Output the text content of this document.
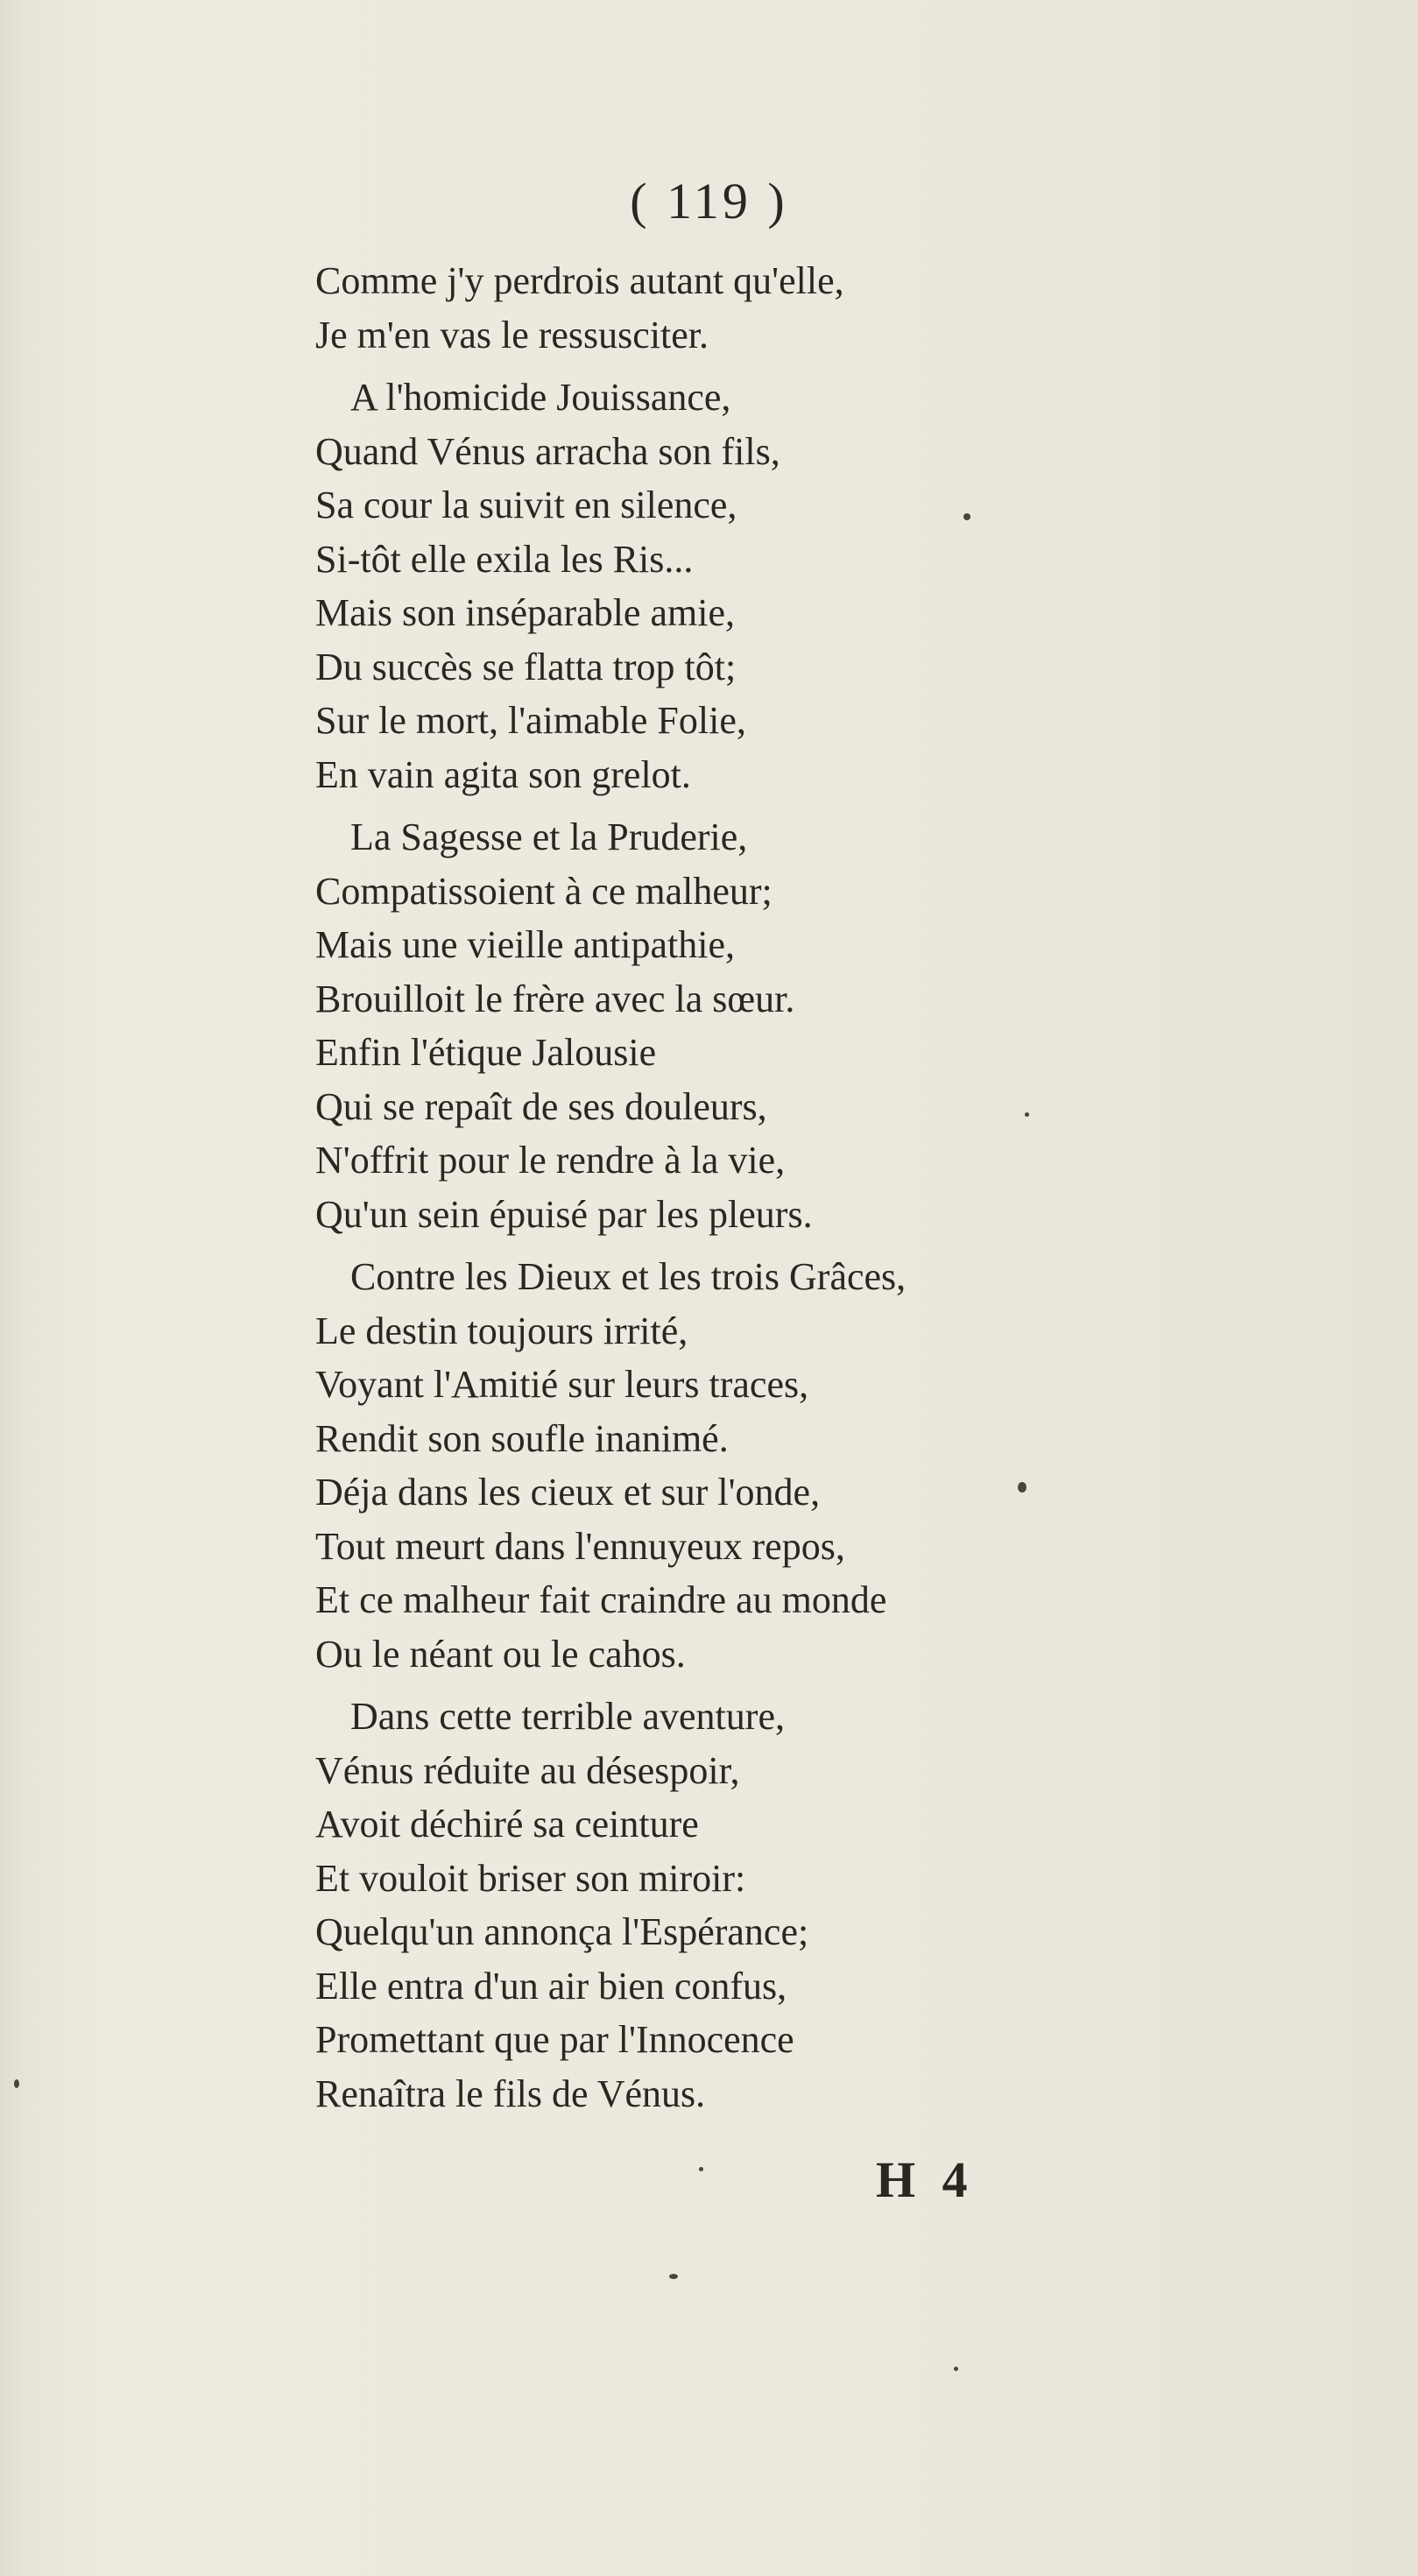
( 119 )
Comme j'y perdrois autant qu'elle,
Je m'en vas le ressusciter.
A l'homicide Jouissance,
Quand Vénus arracha son fils,
Sa cour la suivit en silence,
Si-tôt elle exila les Ris...
Mais son inséparable amie,
Du succès se flatta trop tôt;
Sur le mort, l'aimable Folie,
En vain agita son grelot.
La Sagesse et la Pruderie,
Compatissoient à ce malheur;
Mais une vieille antipathie,
Brouilloit le frère avec la sœur.
Enfin l'étique Jalousie
Qui se repaît de ses douleurs,
N'offrit pour le rendre à la vie,
Qu'un sein épuisé par les pleurs.
Contre les Dieux et les trois Grâces,
Le destin toujours irrité,
Voyant l'Amitié sur leurs traces,
Rendit son soufle inanimé.
Déja dans les cieux et sur l'onde,
Tout meurt dans l'ennuyeux repos,
Et ce malheur fait craindre au monde
Ou le néant ou le cahos.
Dans cette terrible aventure,
Vénus réduite au désespoir,
Avoit déchiré sa ceinture
Et vouloit briser son miroir:
Quelqu'un annonça l'Espérance;
Elle entra d'un air bien confus,
Promettant que par l'Innocence
Renaîtra le fils de Vénus.
H 4
